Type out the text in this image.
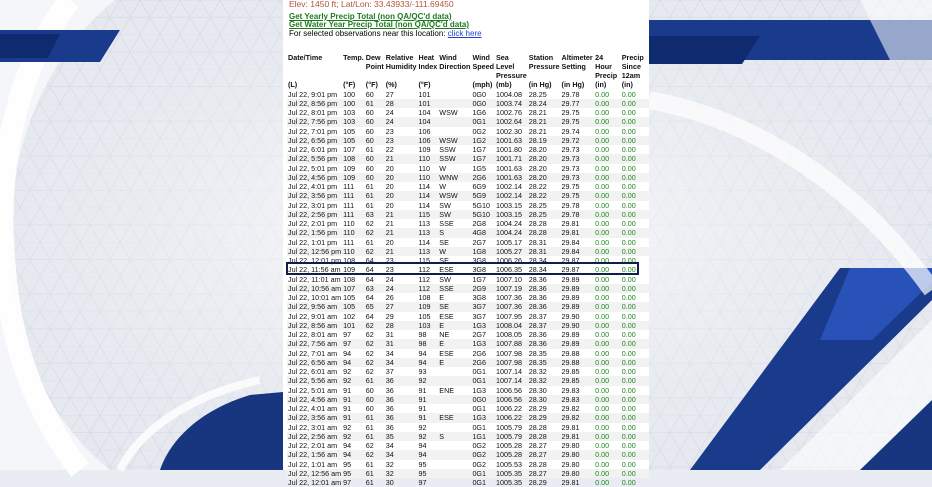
Elev: 1450 ft; Lat/Lon: 33.43933/-111.69450
Get Yearly Precip Total (non QA/QC'd data)
Get Water Year Precip Total (non QA/QC'd data)
For selected observations near this location: click here
Date/Time	Temp.	Dew Point	Relative Humidity	Heat Index	Wind Direction	Wind Speed	Sea Level Pressure	Station Pressure	Altimeter Setting	24 Hour Precip	Precip Since 12am
(L)	(°F)	(°F)	(%)	(°F)		(mph)	(mb)	(in Hg)	(in Hg)	(in)	(in)
Jul 22, 9:01 pm	100	60	27	101		0G0	1004.08	28.25	29.78	0.00	0.00
Jul 22, 8:56 pm	100	61	28	101		0G0	1003.74	28.24	29.77	0.00	0.00
Jul 22, 8:01 pm	103	60	24	104	WSW	1G6	1002.76	28.21	29.75	0.00	0.00
Jul 22, 7:56 pm	103	60	24	104		0G1	1002.64	28.21	29.75	0.00	0.00
Jul 22, 7:01 pm	105	60	23	106		0G2	1002.30	28.21	29.74	0.00	0.00
Jul 22, 6:56 pm	105	60	23	106	WSW	1G2	1001.63	28.19	29.72	0.00	0.00
Jul 22, 6:01 pm	107	61	22	109	SSW	1G7	1001.80	28.20	29.73	0.00	0.00
Jul 22, 5:56 pm	108	60	21	110	SSW	1G7	1001.71	28.20	29.73	0.00	0.00
Jul 22, 5:01 pm	109	60	20	110	W	1G5	1001.63	28.20	29.73	0.00	0.00
Jul 22, 4:56 pm	109	60	20	110	WNW	2G6	1001.63	28.20	29.73	0.00	0.00
Jul 22, 4:01 pm	111	61	20	114	W	6G9	1002.14	28.22	29.75	0.00	0.00
Jul 22, 3:56 pm	111	61	20	114	WSW	5G9	1002.14	28.22	29.75	0.00	0.00
Jul 22, 3:01 pm	111	61	20	114	SW	5G10	1003.15	28.25	29.78	0.00	0.00
Jul 22, 2:56 pm	111	63	21	115	SW	5G10	1003.15	28.25	29.78	0.00	0.00
Jul 22, 2:01 pm	110	62	21	113	SSE	2G8	1004.24	28.28	29.81	0.00	0.00
Jul 22, 1:56 pm	110	62	21	113	S	4G8	1004.24	28.28	29.81	0.00	0.00
Jul 22, 1:01 pm	111	61	20	114	SE	2G7	1005.17	28.31	29.84	0.00	0.00
Jul 22, 12:56 pm	110	62	21	113	W	1G8	1005.27	28.31	29.84	0.00	0.00
Jul 22, 12:01 pm	108	64	23	115	SE	3G8	1006.26	28.34	29.87	0.00	0.00
Jul 22, 11:56 am	109	64	23	112	ESE	3G8	1006.35	28.34	29.87	0.00	0.00
Jul 22, 11:01 am	108	64	24	112	SW	1G7	1007.10	28.36	29.89	0.00	0.00
Jul 22, 10:56 am	107	63	24	112	SSE	2G9	1007.19	28.36	29.89	0.00	0.00
Jul 22, 10:01 am	105	64	26	108	E	3G8	1007.36	28.36	29.89	0.00	0.00
Jul 22, 9:56 am	105	65	27	109	SE	3G7	1007.36	28.36	29.89	0.00	0.00
Jul 22, 9:01 am	102	64	29	105	ESE	3G7	1007.95	28.37	29.90	0.00	0.00
Jul 22, 8:56 am	101	62	28	103	E	1G3	1008.04	28.37	29.90	0.00	0.00
Jul 22, 8:01 am	97	62	31	98	NE	2G7	1008.05	28.36	29.89	0.00	0.00
Jul 22, 7:56 am	97	62	31	98	E	1G3	1007.88	28.36	29.89	0.00	0.00
Jul 22, 7:01 am	94	62	34	94	ESE	2G6	1007.98	28.35	29.88	0.00	0.00
Jul 22, 6:56 am	94	62	34	94	E	2G6	1007.98	28.35	29.88	0.00	0.00
Jul 22, 6:01 am	92	62	37	93		0G1	1007.14	28.32	29.85	0.00	0.00
Jul 22, 5:56 am	92	61	36	92		0G1	1007.14	28.32	29.85	0.00	0.00
Jul 22, 5:01 am	91	60	36	91	ENE	1G3	1006.56	28.30	29.83	0.00	0.00
Jul 22, 4:56 am	91	60	36	91		0G0	1006.56	28.30	29.83	0.00	0.00
Jul 22, 4:01 am	91	60	36	91		0G1	1006.22	28.29	29.82	0.00	0.00
Jul 22, 3:56 am	91	61	36	91	ESE	1G3	1006.22	28.29	29.82	0.00	0.00
Jul 22, 3:01 am	92	61	36	92		0G1	1005.79	28.28	29.81	0.00	0.00
Jul 22, 2:56 am	92	61	35	92	S	1G1	1005.79	28.28	29.81	0.00	0.00
Jul 22, 2:01 am	94	62	34	94		0G2	1005.28	28.27	29.80	0.00	0.00
Jul 22, 1:56 am	94	62	34	94		0G2	1005.28	28.27	29.80	0.00	0.00
Jul 22, 1:01 am	95	61	32	95		0G2	1005.53	28.28	29.80	0.00	0.00
Jul 22, 12:56 am	95	61	32	95		0G1	1005.35	28.27	29.80	0.00	0.00
Jul 22, 12:01 am	97	61	30	97		0G1	1005.35	28.29	29.81	0.00	0.00
